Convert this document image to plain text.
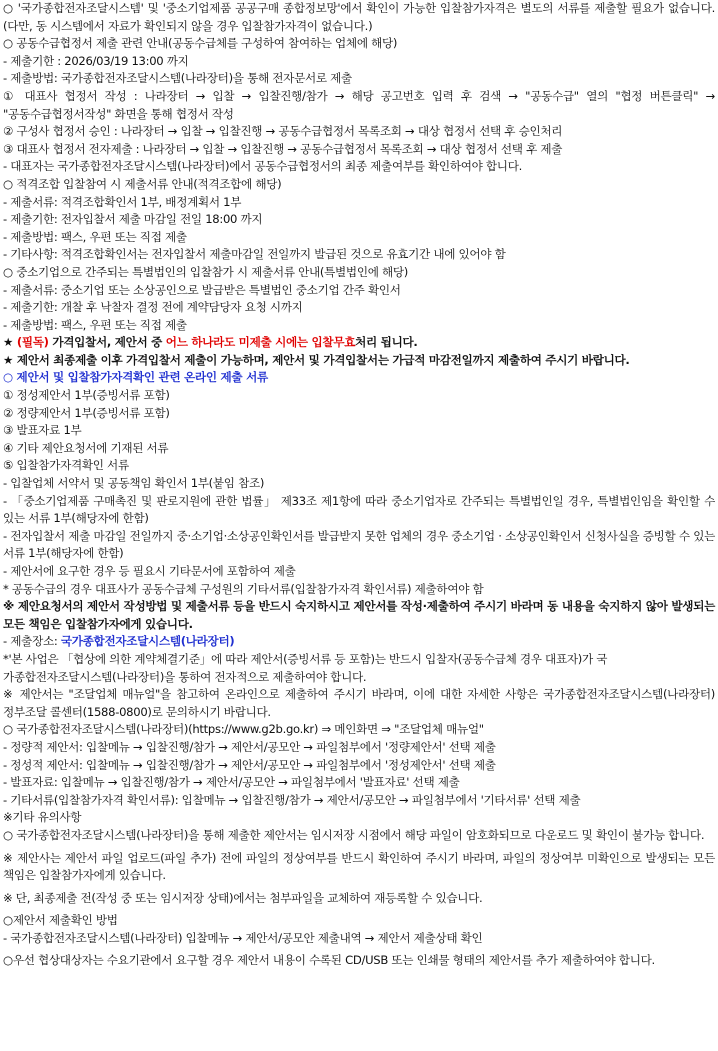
○ '국가종합전자조달시스템' 및 '중소기업제품 공공구매 종합정보망'에서 확인이 가능한 입찰참가자격은 별도의 서류를 제출할 필요가 없습니다.(다만, 동 시스템에서 자료가 확인되지 않을 경우 입찰참가자격이 없습니다.)
○ 공동수급협정서 제출 관련 안내(공동수급체를 구성하여 참여하는 업체에 해당)
- 제출기한 : 2026/03/19 13:00 까지
- 제출방법: 국가종합전자조달시스템(나라장터)을 통해 전자문서로 제출
① 대표사 협정서 작성 : 나라장터 → 입찰 → 입찰진행/참가 → 해당 공고번호 입력 후 검색 → "공동수급" 열의 "협정 버튼클릭" → "공동수급협정서작성" 화면을 통해 협정서 작성
② 구성사 협정서 승인 : 나라장터 → 입찰 → 입찰진행 → 공동수급협정서 목록조회 → 대상 협정서 선택 후 승인처리
③ 대표사 협정서 전자제출 : 나라장터 → 입찰 → 입찰진행 → 공동수급협정서 목록조회 → 대상 협정서 선택 후 제출
- 대표자는 국가종합전자조달시스템(나라장터)에서 공동수급협정서의 최종 제출여부를 확인하여야 합니다.
○ 적격조합 입찰참여 시 제출서류 안내(적격조합에 해당)
- 제출서류: 적격조합확인서 1부, 배정계획서 1부
- 제출기한: 전자입찰서 제출 마감일 전일 18:00 까지
- 제출방법: 팩스, 우편 또는 직접 제출
- 기타사항: 적격조합확인서는 전자입찰서 제출마감일 전일까지 발급된 것으로 유효기간 내에 있어야 함
○ 중소기업으로 간주되는 특별법인의 입찰참가 시 제출서류 안내(특별법인에 해당)
- 제출서류: 중소기업 또는 소상공인으로 발급받은 특별법인 중소기업 간주 확인서
- 제출기한: 개찰 후 낙찰자 결정 전에 계약담당자 요청 시까지
- 제출방법: 팩스, 우편 또는 직접 제출
★ (필독) 가격입찰서, 제안서 중 어느 하나라도 미제출 시에는 입찰무효처리 됩니다.
★ 제안서 최종제출 이후 가격입찰서 제출이 가능하며, 제안서 및 가격입찰서는 가급적 마감전일까지 제출하여 주시기 바랍니다.
○ 제안서 및 입찰참가자격확인 관련 온라인 제출 서류
① 정성제안서 1부(증빙서류 포함)
② 정량제안서 1부(증빙서류 포함)
③ 발표자료 1부
④ 기타 제안요청서에 기재된 서류
⑤ 입찰참가자격확인 서류
- 입찰업체 서약서 및 공동책임 확인서 1부(붙임 참조)
- 「중소기업제품 구매촉진 및 판로지원에 관한 법률」 제33조 제1항에 따라 중소기업자로 간주되는 특별법인일 경우, 특별법인임을 확인할 수 있는 서류 1부(해당자에 한함)
- 전자입찰서 제출 마감일 전일까지 중·소기업·소상공인확인서를 발급받지 못한 업체의 경우 중소기업 · 소상공인확인서 신청사실을 증빙할 수 있는 서류 1부(해당자에 한함)
- 제안서에 요구한 경우 등 필요시 기타문서에 포함하여 제출
* 공동수급의 경우 대표사가 공동수급체 구성원의 기타서류(입찰참가자격 확인서류) 제출하여야 함
※ 제안요청서의 제안서 작성방법 및 제출서류 등을 반드시 숙지하시고 제안서를 작성·제출하여 주시기 바라며 동 내용을 숙지하지 않아 발생되는 모든 책임은 입찰참가자에게 있습니다.
- 제출장소: 국가종합전자조달시스템(나라장터)
*'본 사업은 「협상에 의한 계약체결기준」에 따라 제안서(증빙서류 등 포함)는 반드시 입찰자(공동수급체 경우 대표자)가 국
가종합전자조달시스템(나라장터)을 통하여 전자적으로 제출하여야 합니다.
※ 제안서는 "조달업체 매뉴얼"을 참고하여 온라인으로 제출하여 주시기 바라며, 이에 대한 자세한 사항은 국가종합전자조달시스템(나라장터) 정부조달 콜센터(1588-0800)로 문의하시기 바랍니다.
○ 국가종합전자조달시스템(나라장터)(https://www.g2b.go.kr) ⇒ 메인화면 ⇒ "조달업체 매뉴얼"
- 정량적 제안서: 입찰메뉴 → 입찰진행/참가 → 제안서/공모안 → 파일첨부에서 '정량제안서' 선택 제출
- 정성적 제안서: 입찰메뉴 → 입찰진행/참가 → 제안서/공모안 → 파일첨부에서 '정성제안서' 선택 제출
- 발표자료: 입찰메뉴 → 입찰진행/참가 → 제안서/공모안 → 파일첨부에서 '발표자료' 선택 제출
- 기타서류(입찰참가자격 확인서류): 입찰메뉴 → 입찰진행/참가 → 제안서/공모안 → 파일첨부에서 '기타서류' 선택 제출
※기타 유의사항
○ 국가종합전자조달시스템(나라장터)을 통해 제출한 제안서는 임시저장 시점에서 해당 파일이 암호화되므로 다운로드 및 확인이 불가능 합니다.
※ 제안사는 제안서 파일 업로드(파일 추가) 전에 파일의 정상여부를 반드시 확인하여 주시기 바라며, 파일의 정상여부 미확인으로 발생되는 모든 책임은 입찰참가자에게 있습니다.
※ 단, 최종제출 전(작성 중 또는 임시저장 상태)에서는 첨부파일을 교체하여 재등록할 수 있습니다.
○제안서 제출확인 방법
- 국가종합전자조달시스템(나라장터) 입찰메뉴 → 제안서/공모안 제출내역 → 제안서 제출상태 확인
○우선 협상대상자는 수요기관에서 요구할 경우 제안서 내용이 수록된 CD/USB 또는 인쇄물 형태의 제안서를 추가 제출하여야 합니다.
